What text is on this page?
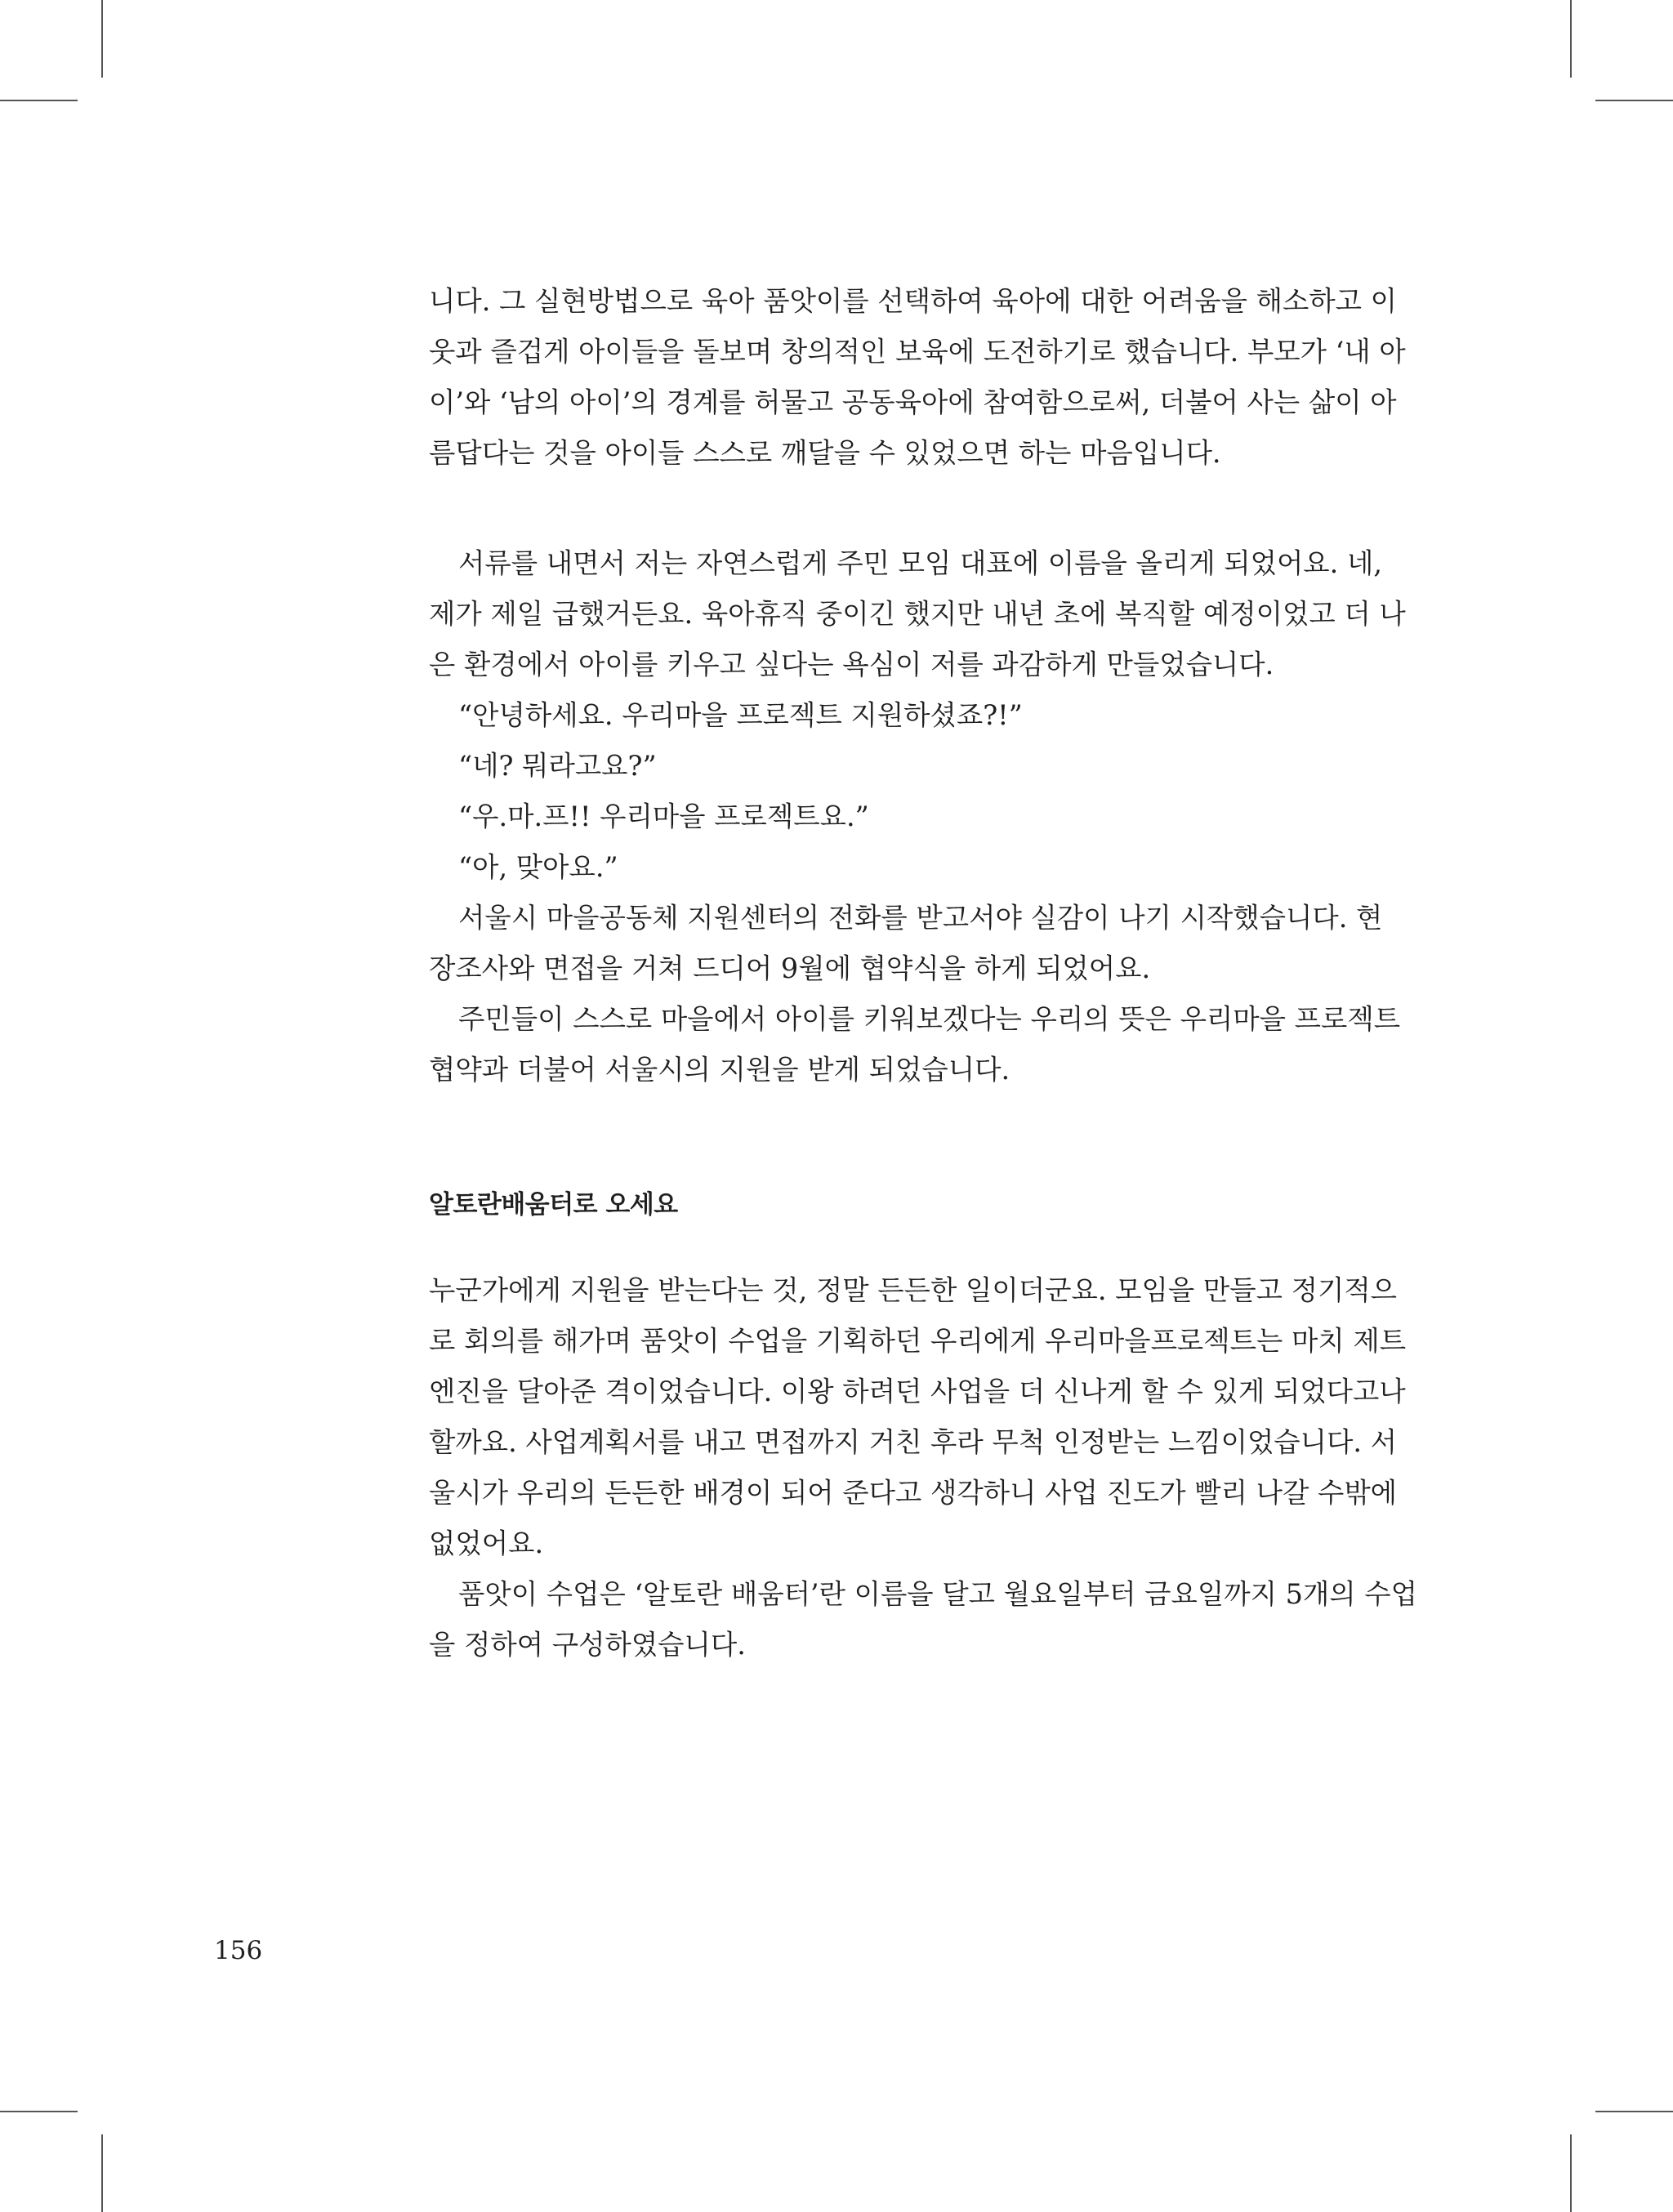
니다. 그 실현방법으로 육아 품앗이를 선택하여 육아에 대한 어려움을 해소하고 이
웃과 즐겁게 아이들을 돌보며 창의적인 보육에 도전하기로 했습니다. 부모가 ‘내 아
이’와 ‘남의 아이’의 경계를 허물고 공동육아에 참여함으로써, 더불어 사는 삶이 아
름답다는 것을 아이들 스스로 깨달을 수 있었으면 하는 마음입니다.
서류를 내면서 저는 자연스럽게 주민 모임 대표에 이름을 올리게 되었어요. 네,
제가 제일 급했거든요. 육아휴직 중이긴 했지만 내년 초에 복직할 예정이었고 더 나
은 환경에서 아이를 키우고 싶다는 욕심이 저를 과감하게 만들었습니다.
“안녕하세요. 우리마을 프로젝트 지원하셨죠?!”
“네? 뭐라고요?”
“우.마.프!! 우리마을 프로젝트요.”
“아, 맞아요.”
서울시 마을공동체 지원센터의 전화를 받고서야 실감이 나기 시작했습니다. 현
장조사와 면접을 거쳐 드디어 9월에 협약식을 하게 되었어요.
주민들이 스스로 마을에서 아이를 키워보겠다는 우리의 뜻은 우리마을 프로젝트
협약과 더불어 서울시의 지원을 받게 되었습니다.
알토란배움터로 오세요
누군가에게 지원을 받는다는 것, 정말 든든한 일이더군요. 모임을 만들고 정기적으
로 회의를 해가며 품앗이 수업을 기획하던 우리에게 우리마을프로젝트는 마치 제트
엔진을 달아준 격이었습니다. 이왕 하려던 사업을 더 신나게 할 수 있게 되었다고나
할까요. 사업계획서를 내고 면접까지 거친 후라 무척 인정받는 느낌이었습니다. 서
울시가 우리의 든든한 배경이 되어 준다고 생각하니 사업 진도가 빨리 나갈 수밖에
없었어요.
품앗이 수업은 ‘알토란 배움터’란 이름을 달고 월요일부터 금요일까지 5개의 수업
을 정하여 구성하였습니다.
156
